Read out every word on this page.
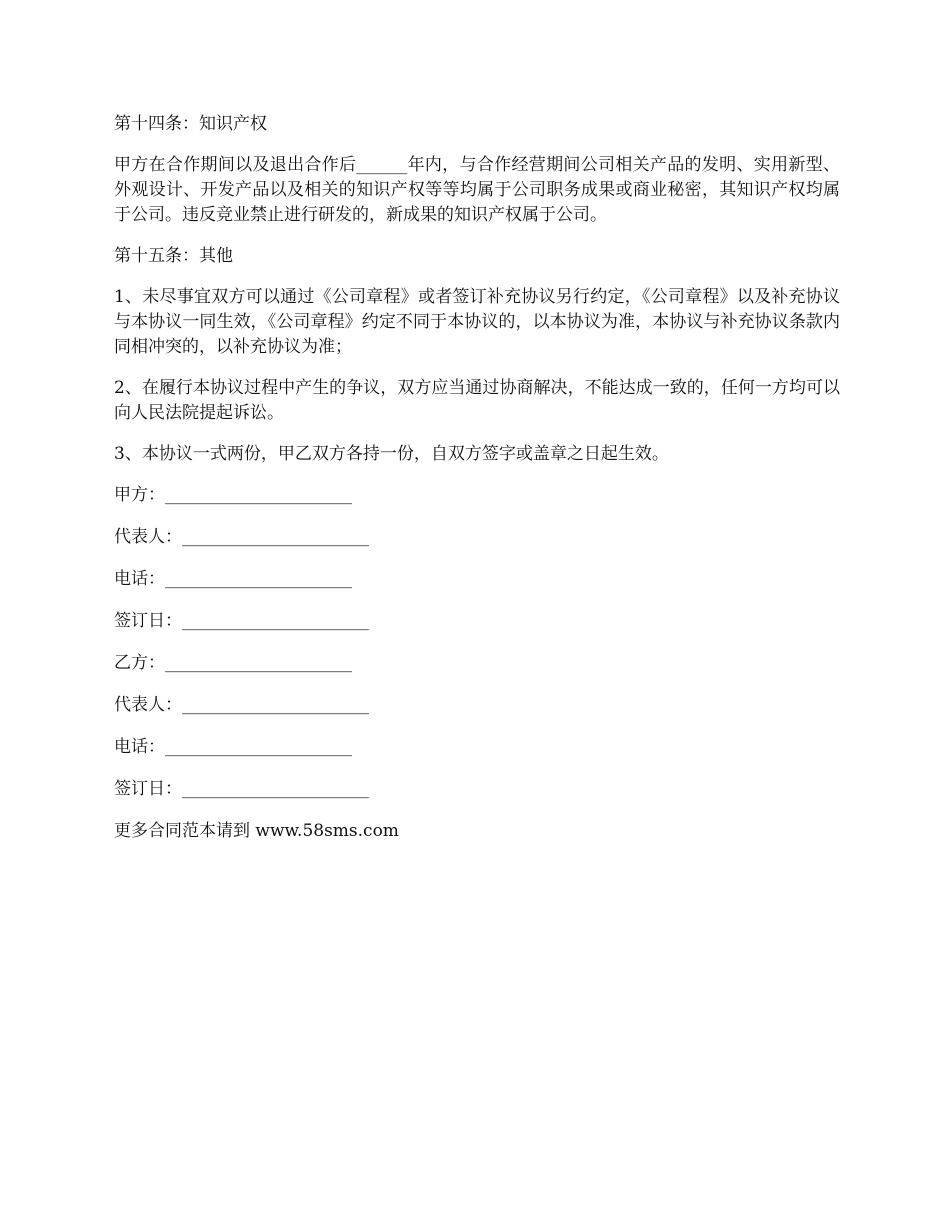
第十四条：知识产权

甲方在合作期间以及退出合作后______年内，与合作经营期间公司相关产品的发明、实用新型、外观设计、开发产品以及相关的知识产权等等均属于公司职务成果或商业秘密，其知识产权均属于公司。违反竞业禁止进行研发的，新成果的知识产权属于公司。

第十五条：其他

1、未尽事宜双方可以通过《公司章程》或者签订补充协议另行约定，《公司章程》以及补充协议与本协议一同生效，《公司章程》约定不同于本协议的，以本协议为准，本协议与补充协议条款内同相冲突的，以补充协议为准；

2、在履行本协议过程中产生的争议，双方应当通过协商解决，不能达成一致的，任何一方均可以向人民法院提起诉讼。

3、本协议一式两份，甲乙双方各持一份，自双方签字或盖章之日起生效。

甲方：______________________
代表人：______________________
电话：______________________
签订日：______________________
乙方：______________________
代表人：______________________
电话：______________________
签订日：______________________
更多合同范本请到 www.58sms.com
